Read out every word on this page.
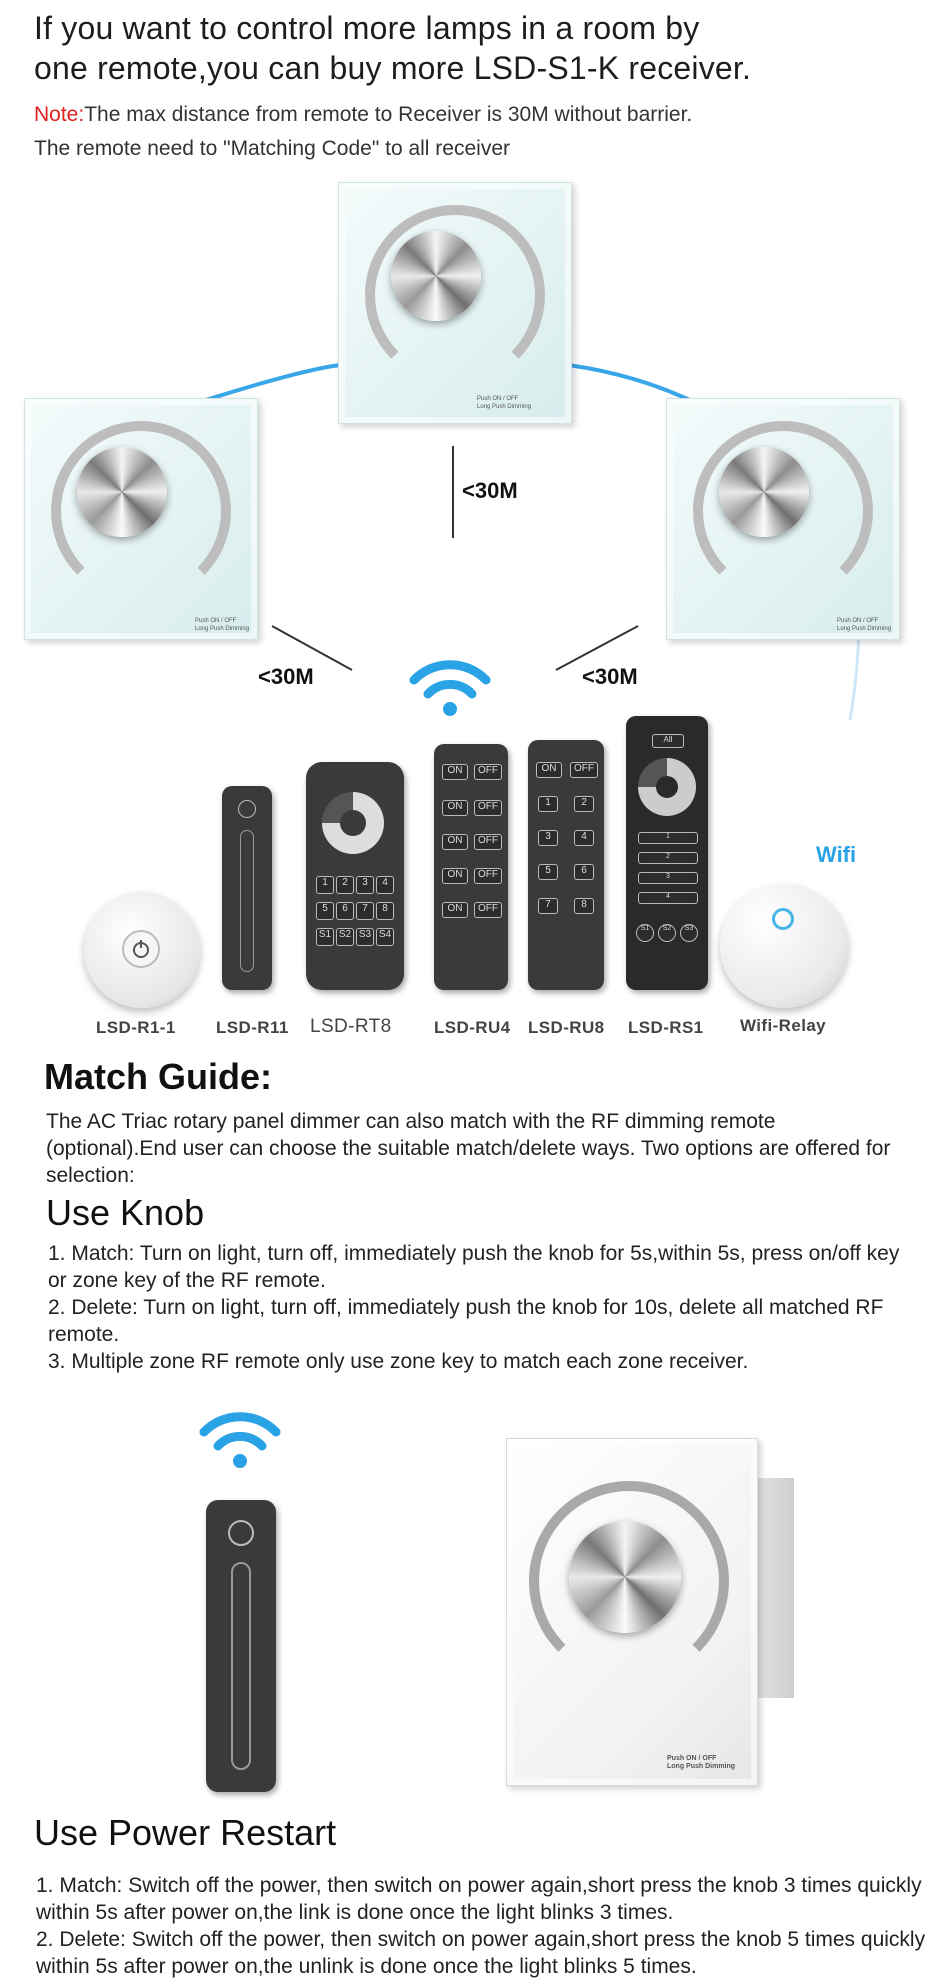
If you want to control more lamps in a room by
one remote,you can buy more LSD-S1-K receiver.
Note:The max distance from remote to Receiver is 30M without barrier.
The remote need to "Matching Code" to all receiver
Push ON / OFF
Long Push Dimming
Push ON / OFF
Long Push Dimming
Push ON / OFF
Long Push Dimming
<30M
<30M	<30M
1	2	3	4
5	6	7	8
S1 S2 S3 S4
ON	OFF
ON	OFF
ON	OFF
ON	OFF
ON	OFF
ON	OFF
1	2
3	4
5	6
7	8
All
1
2
3
4
S1	S2	S3
Wifi
LSD-R1-1 LSD-R11 LSD-RT8 LSD-RU4 LSD-RU8 LSD-RS1 Wifi-Relay
Match Guide:
The AC Triac rotary panel dimmer can also match with the RF dimming remote (optional).End user can choose the suitable match/delete ways. Two options are offered for selection:
Use Knob
1. Match: Turn on light, turn off, immediately push the knob for 5s,within 5s, press on/off key or zone key of the RF remote.
2. Delete: Turn on light, turn off, immediately push the knob for 10s, delete all matched RF remote.
3. Multiple zone RF remote only use zone key to match each zone receiver.
Push ON / OFF
Long Push Dimming
Use Power Restart
1. Match: Switch off the power, then switch on power again,short press the knob 3 times quickly within 5s after power on,the link is done once the light blinks 3 times.
2. Delete: Switch off the power, then switch on power again,short press the knob 5 times quickly within 5s after power on,the unlink is done once the light blinks 5 times.
